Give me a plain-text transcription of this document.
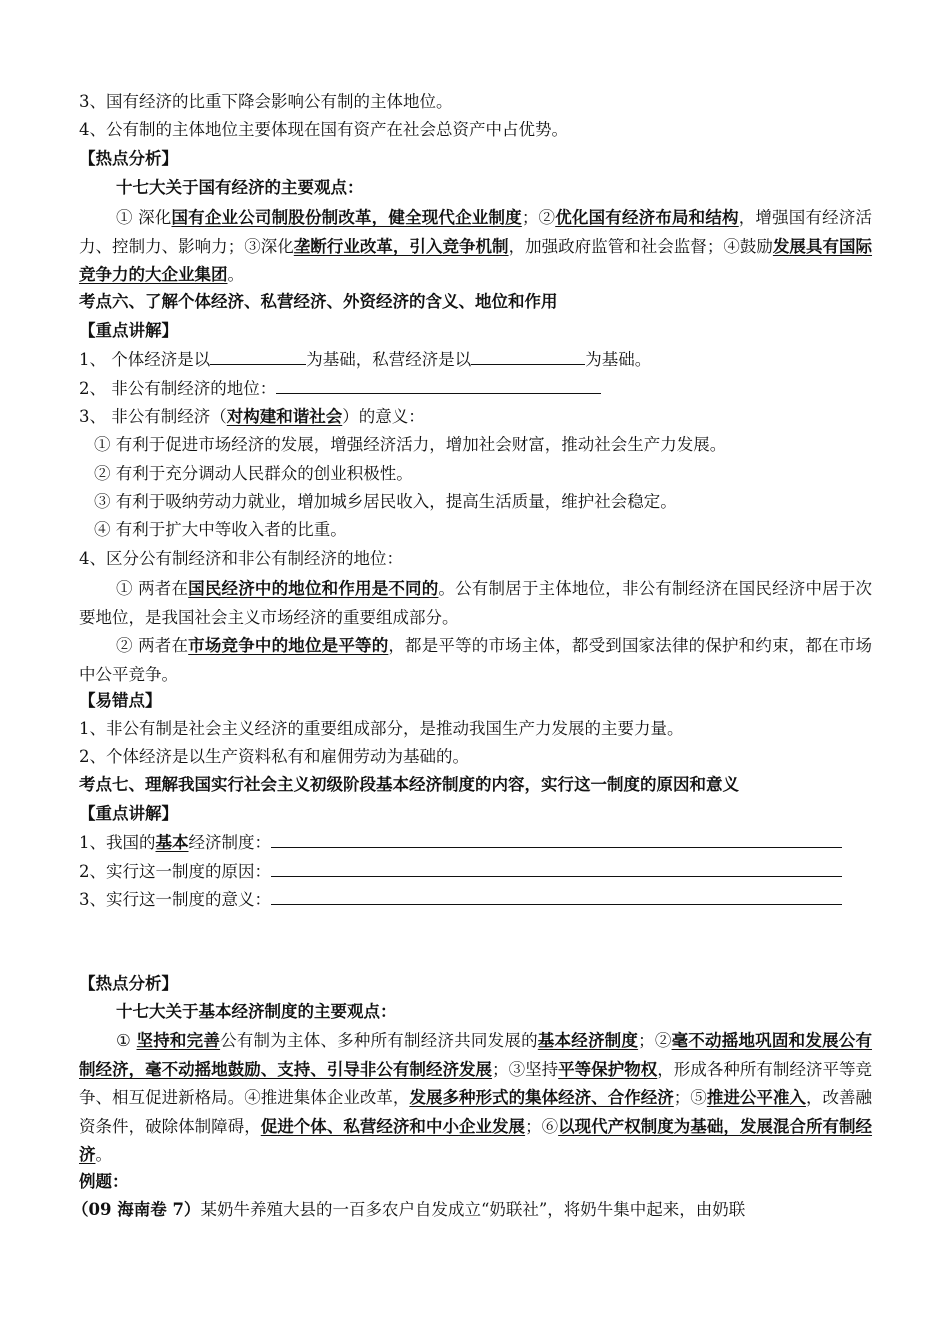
3、国有经济的比重下降会影响公有制的主体地位。
4、公有制的主体地位主要体现在国有资产在社会总资产中占优势。
【热点分析】
十七大关于国有经济的主要观点：
① 深化国有企业公司制股份制改革，健全现代企业制度；②优化国有经济布局和结构，增强国有经济活力、控制力、影响力；③深化垄断行业改革，引入竞争机制，加强政府监管和社会监督；④鼓励发展具有国际竞争力的大企业集团。
考点六、了解个体经济、私营经济、外资经济的含义、地位和作用
【重点讲解】
1、 个体经济是以	为基础，私营经济是以	为基础。
2、 非公有制经济的地位：
3、 非公有制经济（对构建和谐社会）的意义：
① 有利于促进市场经济的发展，增强经济活力，增加社会财富，推动社会生产力发展。
② 有利于充分调动人民群众的创业积极性。
③ 有利于吸纳劳动力就业，增加城乡居民收入，提高生活质量，维护社会稳定。
④ 有利于扩大中等收入者的比重。
4、区分公有制经济和非公有制经济的地位：
① 两者在国民经济中的地位和作用是不同的。公有制居于主体地位，非公有制经济在国民经济中居于次要地位，是我国社会主义市场经济的重要组成部分。
② 两者在市场竞争中的地位是平等的，都是平等的市场主体，都受到国家法律的保护和约束，都在市场中公平竞争。
【易错点】
1、非公有制是社会主义经济的重要组成部分，是推动我国生产力发展的主要力量。
2、个体经济是以生产资料私有和雇佣劳动为基础的。
考点七、理解我国实行社会主义初级阶段基本经济制度的内容，实行这一制度的原因和意义
【重点讲解】
1、我国的基本经济制度：
2、实行这一制度的原因：
3、实行这一制度的意义：
【热点分析】
十七大关于基本经济制度的主要观点：
① 坚持和完善公有制为主体、多种所有制经济共同发展的基本经济制度；②毫不动摇地巩固和发展公有制经济，毫不动摇地鼓励、支持、引导非公有制经济发展；③坚持平等保护物权，形成各种所有制经济平等竞争、相互促进新格局。④推进集体企业改革，发展多种形式的集体经济、合作经济；⑤推进公平准入，改善融资条件，破除体制障碍，促进个体、私营经济和中小企业发展；⑥以现代产权制度为基础，发展混合所有制经济。
例题：
（09 海南卷 7）某奶牛养殖大县的一百多农户自发成立“奶联社”，将奶牛集中起来，由奶联
